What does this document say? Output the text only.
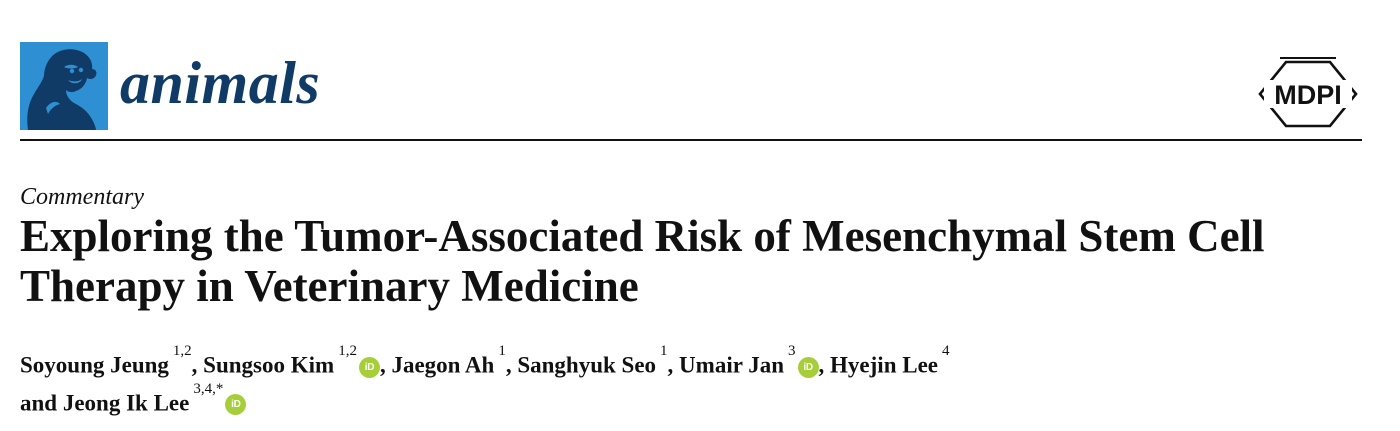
animals	MDPI
Commentary
Exploring the Tumor-Associated Risk of Mesenchymal Stem Cell
Therapy in Veterinary Medicine
Soyoung Jeung$^{1,2}$, Sungsoo Kim$^{1,2}$iD , Jaegon Ah$^1$, Sanghyuk Seo$^1$, Umair Jan$^3$iD , Hyejin Lee$^4$
and Jeong Ik Lee$^{3,4,*}$iD
